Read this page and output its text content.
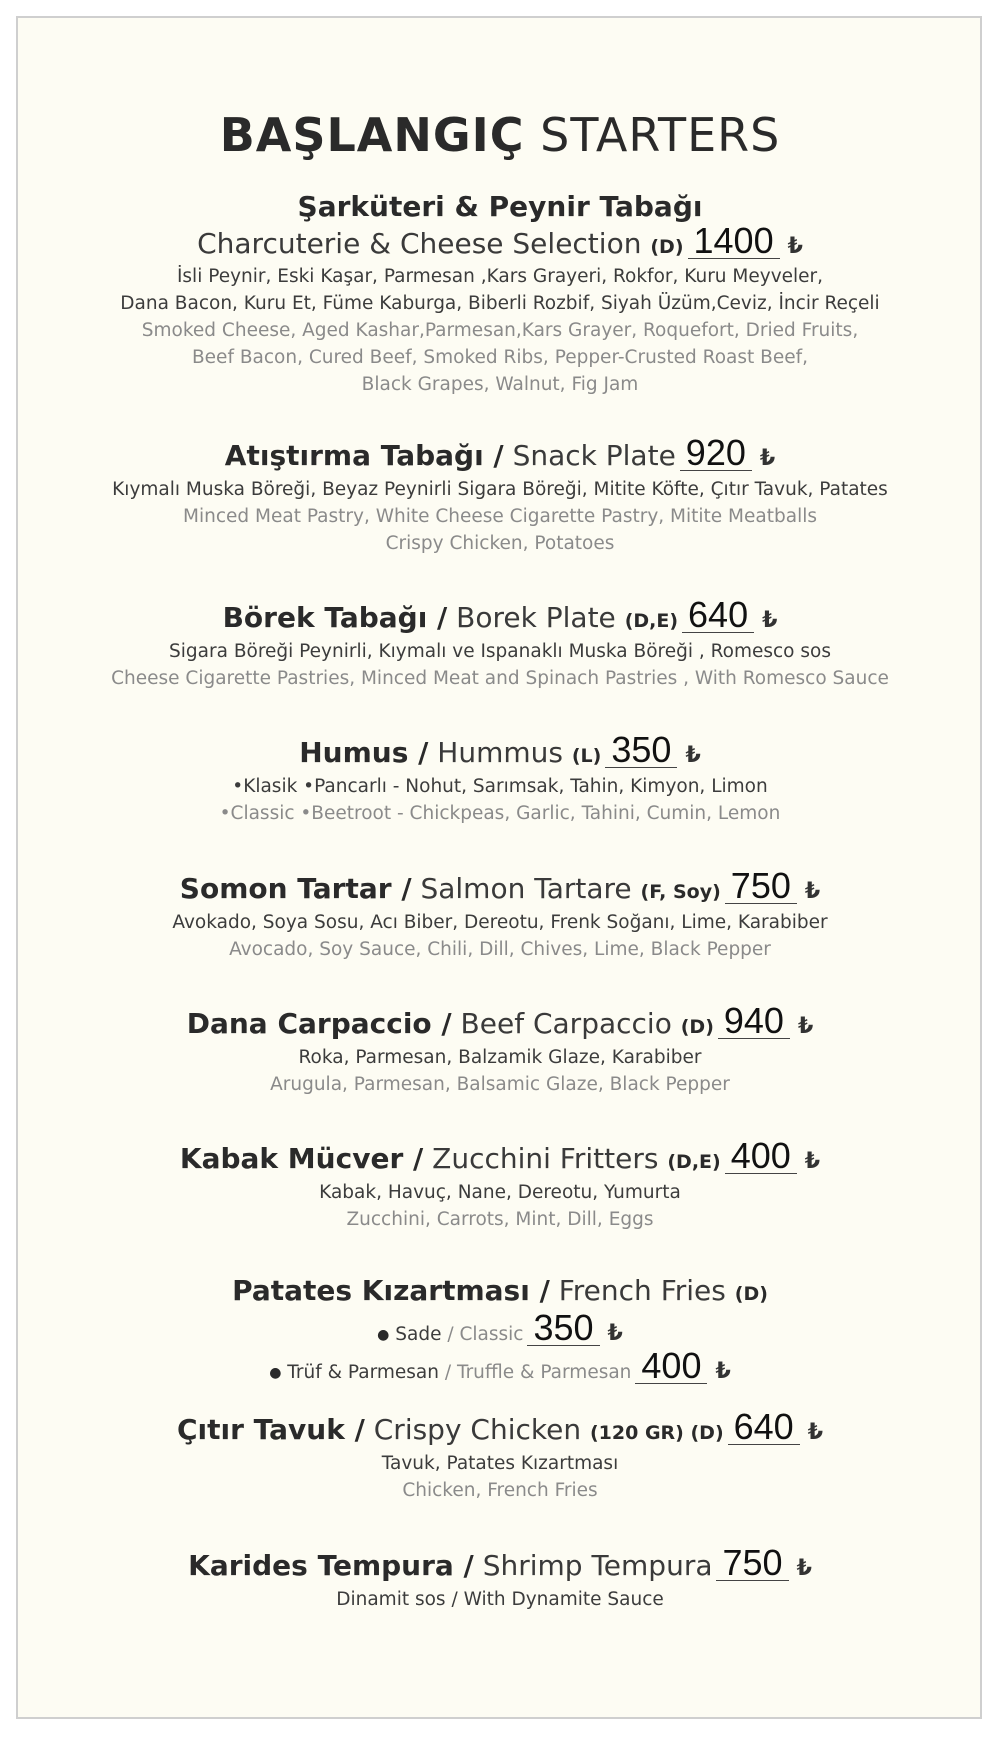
BAŞLANGIÇ STARTERS
Şarküteri & Peynir Tabağı
Charcuterie & Cheese Selection (D) 1400 ₺
İsli Peynir, Eski Kaşar, Parmesan ,Kars Grayeri, Rokfor, Kuru Meyveler,
Dana Bacon, Kuru Et, Füme Kaburga, Biberli Rozbif, Siyah Üzüm,Ceviz, İncir Reçeli
Smoked Cheese, Aged Kashar,Parmesan,Kars Grayer, Roquefort, Dried Fruits,
Beef Bacon, Cured Beef, Smoked Ribs, Pepper-Crusted Roast Beef,
Black Grapes, Walnut, Fig Jam
Atıştırma Tabağı / Snack Plate 920 ₺
Kıymalı Muska Böreği, Beyaz Peynirli Sigara Böreği, Mitite Köfte, Çıtır Tavuk, Patates
Minced Meat Pastry, White Cheese Cigarette Pastry, Mitite Meatballs
Crispy Chicken, Potatoes
Börek Tabağı / Borek Plate (D,E) 640 ₺
Sigara Böreği Peynirli, Kıymalı ve Ispanaklı Muska Böreği , Romesco sos
Cheese Cigarette Pastries, Minced Meat and Spinach Pastries , With Romesco Sauce
Humus / Hummus (L) 350 ₺
•Klasik •Pancarlı - Nohut, Sarımsak, Tahin, Kimyon, Limon
•Classic •Beetroot - Chickpeas, Garlic, Tahini, Cumin, Lemon
Somon Tartar / Salmon Tartare (F, Soy) 750 ₺
Avokado, Soya Sosu, Acı Biber, Dereotu, Frenk Soğanı, Lime, Karabiber
Avocado, Soy Sauce, Chili, Dill, Chives, Lime, Black Pepper
Dana Carpaccio / Beef Carpaccio (D) 940 ₺
Roka, Parmesan, Balzamik Glaze, Karabiber
Arugula, Parmesan, Balsamic Glaze, Black Pepper
Kabak Mücver / Zucchini Fritters (D,E) 400 ₺
Kabak, Havuç, Nane, Dereotu, Yumurta
Zucchini, Carrots, Mint, Dill, Eggs
Patates Kızartması / French Fries (D)
● Sade / Classic 350 ₺
● Trüf & Parmesan / Truffle & Parmesan 400 ₺
Çıtır Tavuk / Crispy Chicken (120 GR) (D) 640 ₺
Tavuk, Patates Kızartması
Chicken, French Fries
Karides Tempura / Shrimp Tempura 750 ₺
Dinamit sos / With Dynamite Sauce
